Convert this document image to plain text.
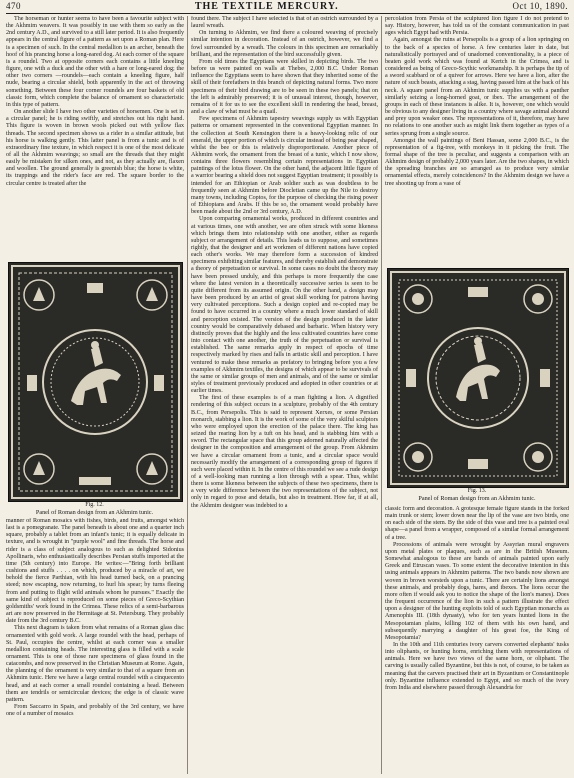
470	THE TEXTILE MERCURY.	Oct 10, 1890.

The horseman or hunter seems to have been a favourite subject with the Akhmim weavers. It was possibly in use with them so early as the 2nd century A.D., and survived to a still later period. It is also frequently appears in the central figure of a pattern as set upon a Roman plan. Here is a specimen of such. In the central medallion is an archer, beneath the hoof of his prancing horse a long-eared dog. At each corner of the square is a roundel. Two at opposite corners each contains a little kneeling figure, one with a duck and the other with a hare or long-eared dog; the other two corners —roundels—each contain a kneeling figure, half nude, bearing a circular shield, both apparently in the act of throwing something. Between these four corner roundels are four baskets of old classic form, which complete the balance of ornament so characteristic in this type of pattern.

On another slide I have two other varieties of horsemen. One is set in a circular panel; he is riding swiftly, and stretches out his right hand. This figure is woven in brown wools picked out with yellow flax threads. The second specimen shows us a rider in a similar attitude, but his horse is walking gently. This latter panel is from a tunic and is of extraordinary fine texture, in which respect it is one of the most delicate of all the Akhmim weavings; so small are the threads that they might easily be mistaken for silken ones, and not, as they actually are, flaxen and woollen. The ground generally is greenish blue; the horse is white, its trappings and the rider's face are red. The square border to the circular centre is treated after the

manner of Roman mosaics with fishes, birds, and fruits, amongst which last is a pomegranate. The panel beneath is about one and a quarter inch square, probably a tablet from an infant's tunic; it is equally delicate in texture, and is wrought in "purple wool" and fine threads. The horse and rider is a class of subject analogous to such as delighted Sidonius Apollinaris, who enthusiastically describes Persian stuffs imported at the time (5th century) into Europe. He writes:—"Bring forth brilliant cushions and stuffs . . . . on which, produced by a miracle of art, we behold the fierce Parthian, with his head turned back, on a prancing steed; now escaping, now returning, to hurl his spear; by turns fleeing from and putting to flight wild animals whom he pursues." Exactly the same kind of subject is reproduced on some pieces of Greco-Scythian goldsmiths' work found in the Crimea. These relics of a semi-barbarous art are now preserved in the Hermitage at St. Petersburg. They probably date from the 3rd century B.C.

This next diagram is taken from what remains of a Roman glass disc ornamented with gold work. A large roundel with the head, perhaps of St. Paul, occupies the centre, whilst at each corner was a smaller medallion containing heads. The interesting glass is filled with a scale ornament. This is one of those rare specimens of glass found in the catacombs, and now preserved in the Christian Museum at Rome. Again, the planning of the ornament is very similar to that of a square from an Akhmim tunic. Here we have a large central roundel with a cinquecento head, and at each corner a small roundel containing a head. Between them are tendrils or semicircular devices; the edge is of classic wave pattern.

From Saccarro in Spain, and probably of the 3rd century, we have one of a number of mosaics

Fig. 12.
Panel of Roman design from an Akhmim tunic.

found there. The subject I have selected is that of an ostrich surrounded by a laurel wreath.

On turning to Akhmim, we find there a coloured weaving of precisely similar intention in decoration. Instead of an ostrich, however, we find a fowl surrounded by a wreath. The colours in this specimen are remarkably brilliant, and the representation of the bird successfully given.

From old times the Egyptians were skilled in depicting birds. The two before us were painted on walls at Thebes, 2,000 B.C. Under Roman influence the Egyptians seem to have shown that they inherited some of the skill of their forefathers in this branch of depicting natural forms. Two more specimens of their bird drawing are to be seen in these two panels; that on the left is admirably preserved; it is of unusual interest, though, however, remains of it for us to see the excellent skill in rendering the head, breast, and a claw of what must be a quail.

Few specimens of Akhmim tapestry weavings supply us with Egyptian patterns or ornament represented in the conventional Egyptian manner. In the collection at South Kensington there is a heavy-looking relic of our emerald, the upper portion of which is circular instead of being pear shaped, whilst the bee or ibis is relatively disproportionate. Another piece of Akhmim work, the ornament from the breast of a tunic, which I now show, contains three flowers resembling certain representations in Egyptian paintings of the lotus flower. On the other hand, the adjacent little figure of a warrior bearing a shield does not suggest Egyptian treatment; it possibly is intended for an Ethiopian or Arab soldier such as was doubtless to be frequently seen at Akhmim before Diocletian came up the Nile to destroy many towns, including Coptos, for the purpose of checking the rising power of Ethiopians and Arabs. If this be so, the ornament would probably have been made about the 2nd or 3rd century, A.D.

Upon comparing ornamental works, produced in different countries and at various times, one with another, we are often struck with some likeness which brings them into relationship with one another, either as regards subject or arrangement of details. This leads us to suppose, and sometimes rightly, that the designer and art workmen of different nations have copied each other's works. We may therefore form a succession of kindred specimens exhibiting similar features, and thereby establish and demonstrate a theory of perpetuation or survival. In some cases no doubt the theory may have been pressed unduly, and this perhaps is more frequently the case where the latest version in a theoretically successive series is seen to be quite different from its assumed origin. On the other hand, a design may have been produced by an artist of great skill working for patrons having very cultivated perceptions. Such a design copied and re-copied may be found to have occurred in a country where a much lower standard of skill and perception existed. The version of the design produced in the latter country would be comparatively debased and barbaric. When history very distinctly proves that the highly and the less cultivated countries have come into contact with one another, the truth of the perpetuation or survival is established. The same remarks apply in respect of epochs of time respectively marked by rises and falls in artistic skill and perception. I have ventured to make these remarks as prefatory to bringing before you a few examples of Akhmim textiles, the designs of which appear to be survivals of the same or similar groups of men and animals, and of the same or similar styles of treatment previously produced and adopted in other countries or at earlier times.

The first of these examples is of a man fighting a lion. A dignified rendering of this subject occurs in a sculpture, probably of the 4th century B.C., from Persepolis. This is said to represent Xerxes, or some Persian monarch, stabbing a lion. It is the work of some of the very skilful sculptors who were employed upon the erection of the palace there. The king has seized the rearing lion by a tuft on his head, and is stabbing him with a sword. The rectangular space that this group adorned naturally affected the designer in the composition and arrangement of the group. From Akhmim we have a circular ornament from a tunic, and a circular space would necessarily modify the arrangement of a corresponding group of figures if such were placed within it. In the centre of this roundel we see a rude design of a well-looking man running a lion through with a spear. Thus, whilst there is some likeness between the subjects of these two specimens, there is a very wide difference between the two representations of the subject, not only in regard to pose and details, but also in treatment. How far, if at all, the Akhmim designer was indebted to a

percolation from Persia of the sculptured lion figure I do not pretend to say. History, however, has told us of the constant communication in past ages which Egypt had with Persia.

Again, amongst the ruins at Persepolis is a group of a lion springing on to the back of a species of horse. A few centuries later in date, but naturalistically portrayed and of unadorned conventionality, is a piece of beaten gold work which was found at Kertch in the Crimea, and is considered as being of Greco-Scythic workmanship. It is perhaps the tip of a sword scabbard or of a quiver for arrows. Here we have a lion, after the nature of such beasts, attacking a stag, having passed him at the back of his neck. A square panel from an Akhmim tunic supplies us with a panther similarly seizing a long-horned goat, or ibex. The arrangement of the groups in each of these instances is alike. It is, however, one which would be obvious to any designer living in a country where savage animal abound and prey upon weaker ones. The representations of it, therefore, may have no relations to one another such as might link them together as types of a series sprung from a single source.

Amongst the wall paintings of Beni Hassan, some 2,000 B.C., is the representation of a fig-tree, with monkeys in it picking the fruit. The formal shape of the tree is peculiar, and suggests a comparison with an Akhmim design of probably 2,000 years later. Are the two shapes, in which the spreading branches are so arranged as to produce very similar ornamental effects, merely coincidences? In the Akhmim design we have a tree shooting up from a vase of

classic form and decoration. A grotesque female figure stands in the forked main trunk or stem; lower down near the lip of the vase are two birds, one on each side of the stem. By the side of this vase and tree is a painted oval shape—a panel from a wrapper, composed of a similar formal arrangement of a tree.

Processions of animals were wrought by Assyrian mural engravers upon metal plates or plaques, such as are in the British Museum. Somewhat analogous to these are bands of animals painted upon early Greek and Etruscan vases. To some extent the decorative intention in this using animals appears in Akhmim patterns. The two bands now shown are woven in brown worsteds upon a tunic. There are certainly lions amongst these animals, and probably dogs, hares, and ibexes. The lions occur the more often if would ask you to notice the shape of the lion's manes). Does the frequent occurrence of the lion in such a pattern illustrate the effect upon a designer of the hunting exploits told of such Egyptian monarchs as Amenophis III. (18th dynasty), who for ten years hunted lions in the Mesopotamian plains, killing 102 of them with his own hand, and subsequently marrying a daughter of his great foe, the King of Mesopotamia?

In the 10th and 11th centuries ivory carvers converted elephants' tusks into oliphants, or hunting horns, enriching them with representations of animals. Here we have two views of the same horn, or oliphant. The carving is usually called Byzantine, but this is not, of course, to be taken as meaning that the carvers practised their art in Byzantium or Constantinople only. Byzantine influence extended to Egypt, and so much of the ivory from India and elsewhere passed through Alexandria for

Fig. 13.
Panel of Roman design from an Akhmim tunic.
